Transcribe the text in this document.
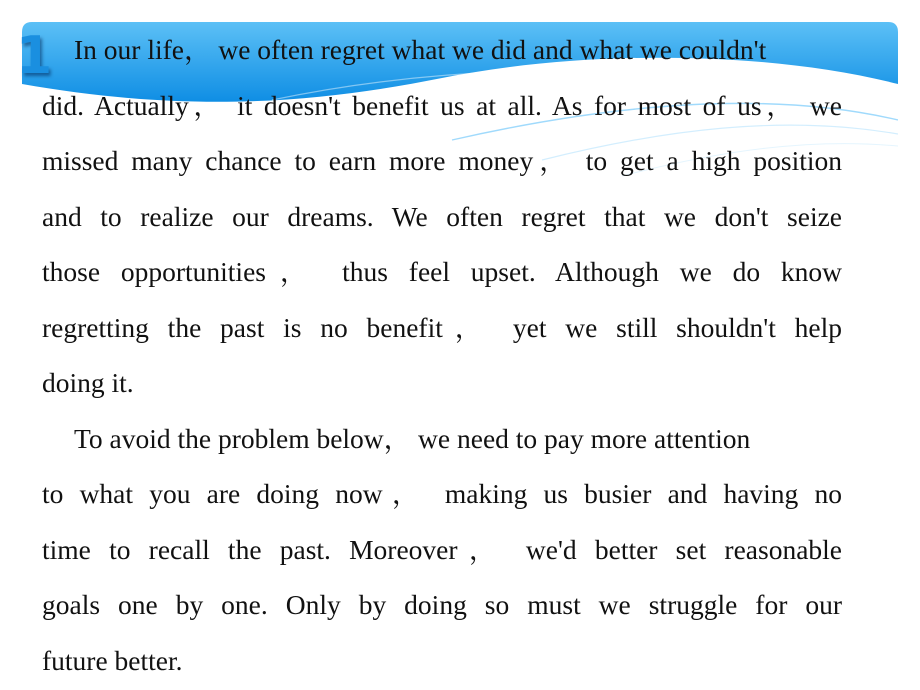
1 In our life， we often regret what we did and what we couldn't
did. Actually， it doesn't benefit us at all. As for most of us， we
missed many chance to earn more money， to get a high position
and to realize our dreams. We often regret that we don't seize
those opportunities， thus feel upset. Although we do know
regretting the past is no benefit， yet we still shouldn't help
doing it.
To avoid the problem below， we need to pay more attention
to what you are doing now， making us busier and having no
time to recall the past. Moreover， we'd better set reasonable
goals one by one. Only by doing so must we struggle for our
future better.
